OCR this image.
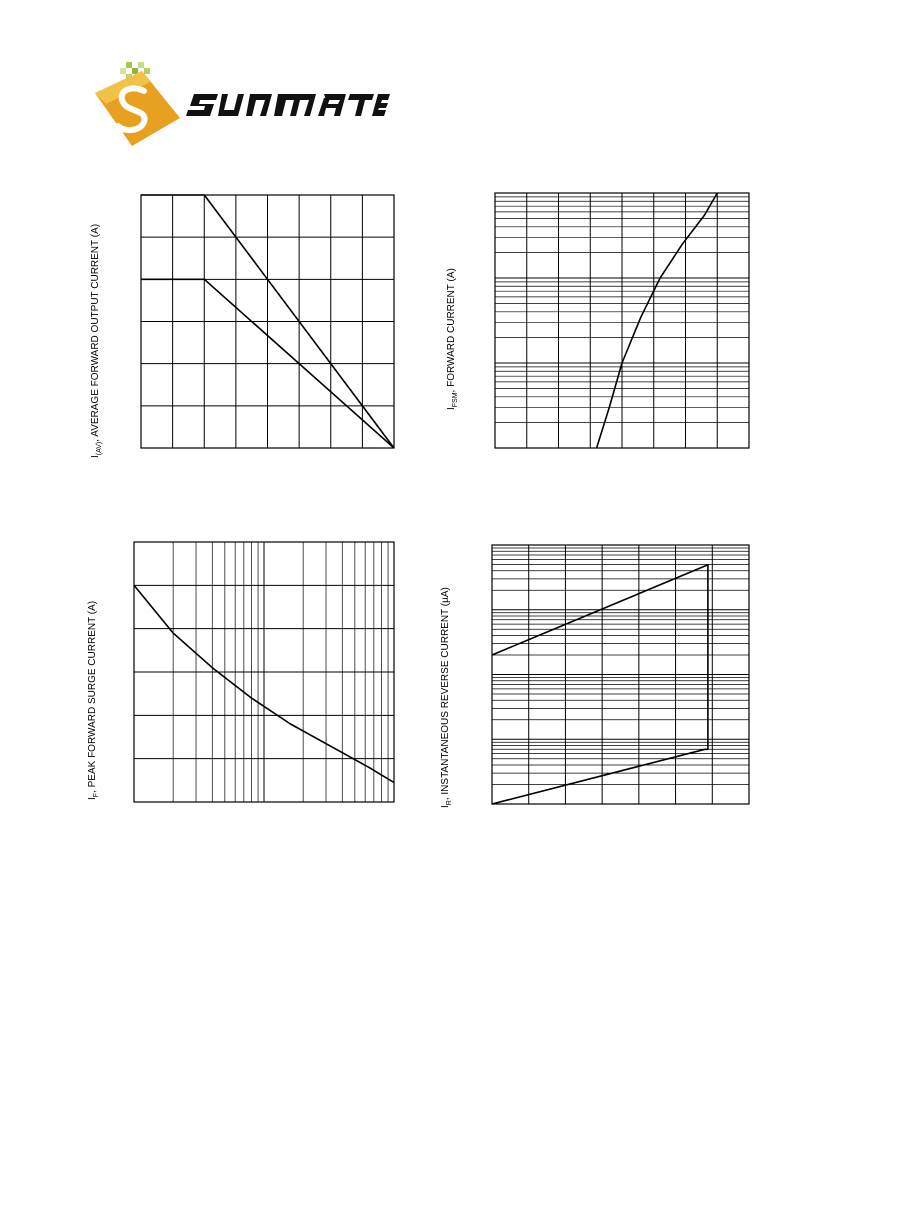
$I_{(AV)}$, AVERAGE FORWARD OUTPUT CURRENT (A)	$I_{FSM}$, FORWARD CURRENT (A)
$I_F$, PEAK FORWARD SURGE CURRENT (A)
$I_R$, INSTANTANEOUS REVERSE CURRENT (µA)
